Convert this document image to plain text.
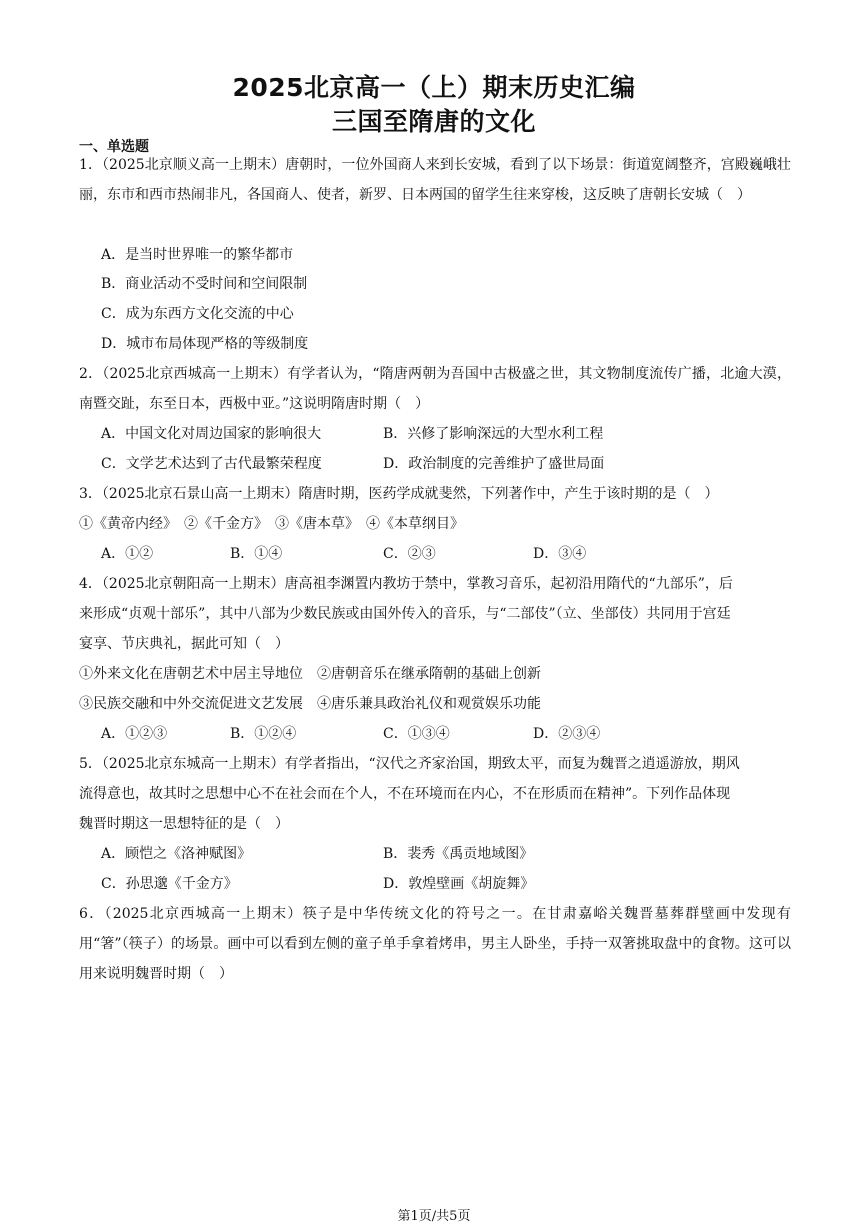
2025北京高一（上）期末历史汇编
三国至隋唐的文化
一、单选题
1．（2025北京顺义高一上期末）唐朝时，一位外国商人来到长安城，看到了以下场景：街道宽阔整齐，宫殿巍峨壮丽，东市和西市热闹非凡，各国商人、使者，新罗、日本两国的留学生往来穿梭，这反映了唐朝长安城（　）
A．是当时世界唯一的繁华都市
B．商业活动不受时间和空间限制
C．成为东西方文化交流的中心
D．城市布局体现严格的等级制度
2．（2025北京西城高一上期末）有学者认为，“隋唐两朝为吾国中古极盛之世，其文物制度流传广播，北逾大漠，南暨交趾，东至日本，西极中亚。”这说明隋唐时期（　）
A．中国文化对周边国家的影响很大	B．兴修了影响深远的大型水利工程
C．文学艺术达到了古代最繁荣程度	D．政治制度的完善维护了盛世局面
3．（2025北京石景山高一上期末）隋唐时期，医药学成就斐然，下列著作中，产生于该时期的是（　）
①《黄帝内经》　②《千金方》　③《唐本草》　④《本草纲目》
A．①②	B．①④	C．②③	D．③④
4．（2025北京朝阳高一上期末）唐高祖李渊置内教坊于禁中，掌教习音乐，起初沿用隋代的“九部乐”，后
来形成“贞观十部乐”，其中八部为少数民族或由国外传入的音乐，与“二部伎”（立、坐部伎）共同用于宫廷
宴享、节庆典礼，据此可知（　）
①外来文化在唐朝艺术中居主导地位　②唐朝音乐在继承隋朝的基础上创新
③民族交融和中外交流促进文艺发展　④唐乐兼具政治礼仪和观赏娱乐功能
A．①②③	B．①②④	C．①③④	D．②③④
5．（2025北京东城高一上期末）有学者指出，“汉代之齐家治国，期致太平，而复为魏晋之逍遥游放，期风
流得意也，故其时之思想中心不在社会而在个人，不在环境而在内心，不在形质而在精神”。下列作品体现
魏晋时期这一思想特征的是（　）
A．顾恺之《洛神赋图》	B．裴秀《禹贡地域图》
C．孙思邈《千金方》	D．敦煌壁画《胡旋舞》
6．（2025北京西城高一上期末）筷子是中华传统文化的符号之一。在甘肃嘉峪关魏晋墓葬群壁画中发现有用“箸”（筷子）的场景。画中可以看到左侧的童子单手拿着烤串，男主人卧坐，手持一双箸挑取盘中的食物。这可以用来说明魏晋时期（　）
第1页/共5页
